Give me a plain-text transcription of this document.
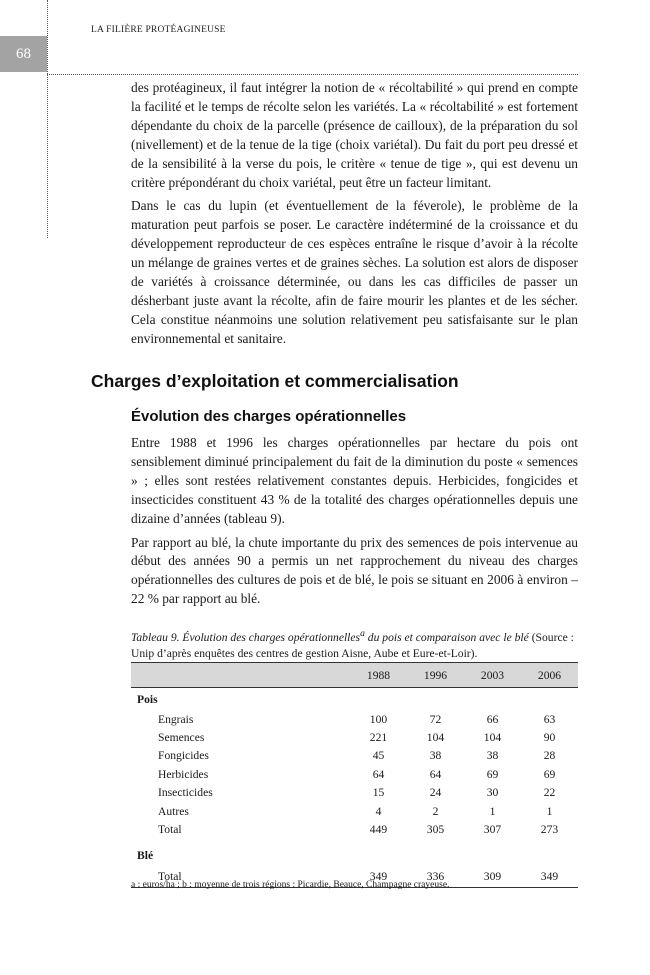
68
LA FILIÈRE PROTÉAGINEUSE

des protéagineux, il faut intégrer la notion de « récoltabilité » qui prend en compte la facilité et le temps de récolte selon les variétés. La « récoltabilité » est fortement dépendante du choix de la parcelle (présence de cailloux), de la préparation du sol (nivellement) et de la tenue de la tige (choix variétal). Du fait du port peu dressé et de la sensibilité à la verse du pois, le critère « tenue de tige », qui est devenu un critère prépondérant du choix variétal, peut être un facteur limitant.

Dans le cas du lupin (et éventuellement de la féverole), le problème de la maturation peut parfois se poser. Le caractère indéterminé de la croissance et du développement reproducteur de ces espèces entraîne le risque d’avoir à la récolte un mélange de graines vertes et de graines sèches. La solution est alors de disposer de variétés à croissance déterminée, ou dans les cas difficiles de passer un désherbant juste avant la récolte, afin de faire mourir les plantes et de les sécher. Cela constitue néanmoins une solution relativement peu satisfaisante sur le plan environnemental et sanitaire.

Charges d’exploitation et commercialisation
Évolution des charges opérationnelles

Entre 1988 et 1996 les charges opérationnelles par hectare du pois ont sensiblement diminué principalement du fait de la diminution du poste « semences » ; elles sont restées relativement constantes depuis. Herbicides, fongicides et insecticides constituent 43 % de la totalité des charges opérationnelles depuis une dizaine d’années (tableau 9).

Par rapport au blé, la chute importante du prix des semences de pois intervenue au début des années 90 a permis un net rapprochement du niveau des charges opérationnelles des cultures de pois et de blé, le pois se situant en 2006 à environ – 22 % par rapport au blé.

Tableau 9. Évolution des charges opérationnelles$^a$ du pois et comparaison avec le blé (Source : Unip d’après enquêtes des centres de gestion Aisne, Aube et Eure-et-Loir).
	1988	1996	2003	2006
Pois				
Engrais	100	72	66	63
Semences	221	104	104	90
Fongicides	45	38	38	28
Herbicides	64	64	69	69
Insecticides	15	24	30	22
Autres	4	2	1	1
Total	449	305	307	273

Blé				
Total	349	336	309	349
a : euros/ha ; b : moyenne de trois régions : Picardie, Beauce, Champagne crayeuse.
